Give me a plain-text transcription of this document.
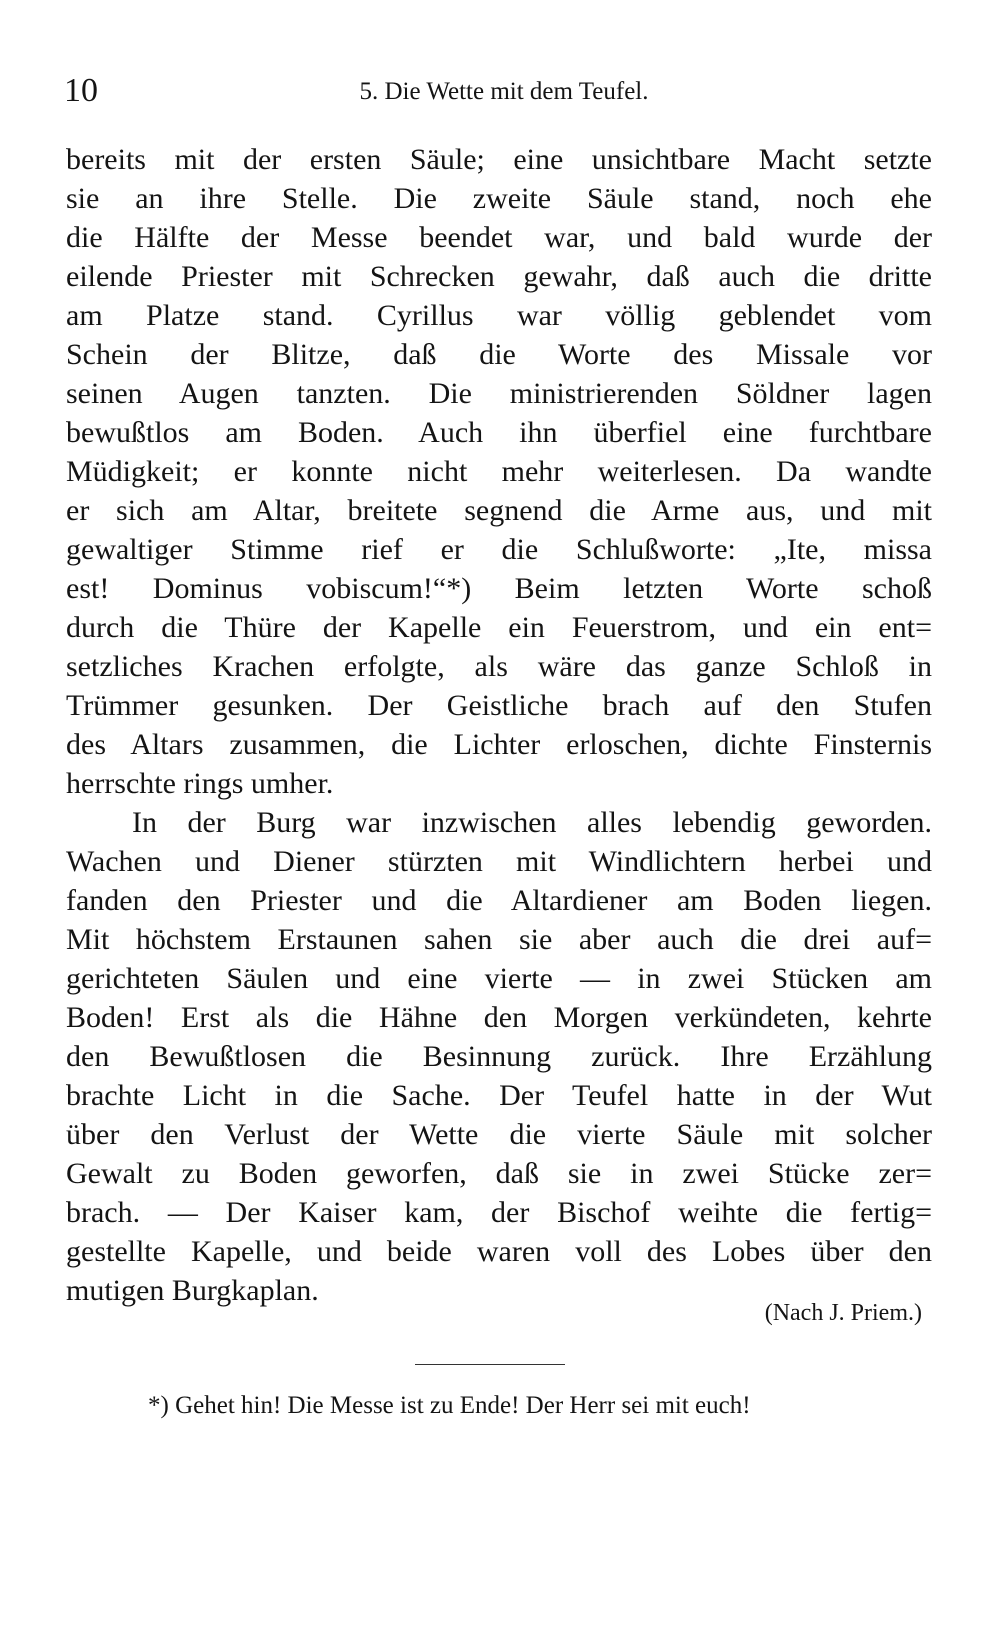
10	5. Die Wette mit dem Teufel.
bereits mit der ersten Säule; eine unsichtbare Macht setzte
sie an ihre Stelle. Die zweite Säule stand, noch ehe
die Hälfte der Messe beendet war, und bald wurde der
eilende Priester mit Schrecken gewahr, daß auch die dritte
am Platze stand. Cyrillus war völlig geblendet vom
Schein der Blitze, daß die Worte des Missale vor
seinen Augen tanzten. Die ministrierenden Söldner lagen
bewußtlos am Boden. Auch ihn überfiel eine furchtbare
Müdigkeit; er konnte nicht mehr weiterlesen. Da wandte
er sich am Altar, breitete segnend die Arme aus, und mit
gewaltiger Stimme rief er die Schlußworte: „Ite, missa
est! Dominus vobiscum!“*) Beim letzten Worte schoß
durch die Thüre der Kapelle ein Feuerstrom, und ein ent=
setzliches Krachen erfolgte, als wäre das ganze Schloß in
Trümmer gesunken. Der Geistliche brach auf den Stufen
des Altars zusammen, die Lichter erloschen, dichte Finsternis
herrschte rings umher.
In der Burg war inzwischen alles lebendig geworden.
Wachen und Diener stürzten mit Windlichtern herbei und
fanden den Priester und die Altardiener am Boden liegen.
Mit höchstem Erstaunen sahen sie aber auch die drei auf=
gerichteten Säulen und eine vierte — in zwei Stücken am
Boden! Erst als die Hähne den Morgen verkündeten, kehrte
den Bewußtlosen die Besinnung zurück. Ihre Erzählung
brachte Licht in die Sache. Der Teufel hatte in der Wut
über den Verlust der Wette die vierte Säule mit solcher
Gewalt zu Boden geworfen, daß sie in zwei Stücke zer=
brach. — Der Kaiser kam, der Bischof weihte die fertig=
gestellte Kapelle, und beide waren voll des Lobes über den
mutigen Burgkaplan.
(Nach J. Priem.)
*) Gehet hin! Die Messe ist zu Ende! Der Herr sei mit euch!
